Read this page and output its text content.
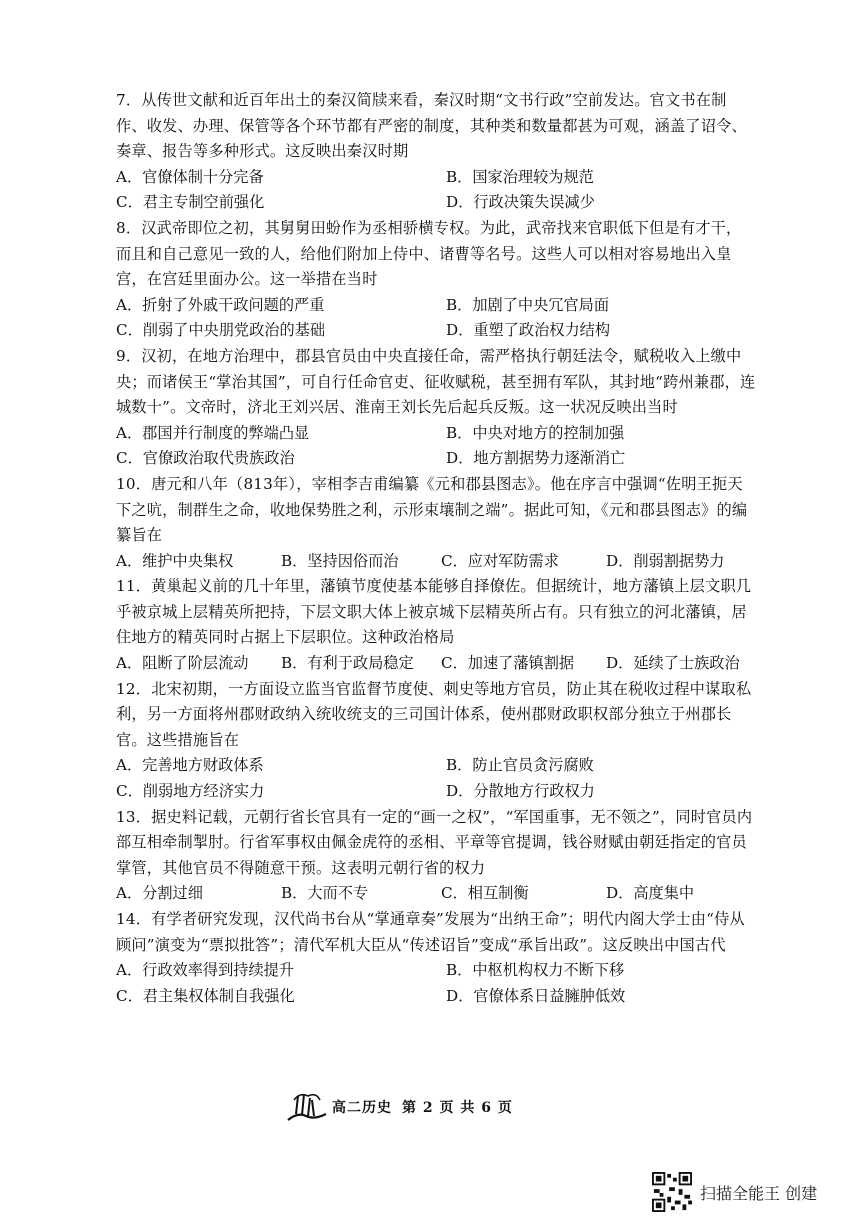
7．从传世文献和近百年出土的秦汉简牍来看，秦汉时期“文书行政”空前发达。官文书在制作、收发、办理、保管等各个环节都有严密的制度，其种类和数量都甚为可观，涵盖了诏令、奏章、报告等多种形式。这反映出秦汉时期

A．官僚体制十分完备	B．国家治理较为规范
C．君主专制空前强化	D．行政决策失误减少

8．汉武帝即位之初，其舅舅田蚡作为丞相骄横专权。为此，武帝找来官职低下但是有才干，而且和自己意见一致的人，给他们附加上侍中、诸曹等名号。这些人可以相对容易地出入皇宫，在宫廷里面办公。这一举措在当时

A．折射了外戚干政问题的严重	B．加剧了中央冗官局面
C．削弱了中央朋党政治的基础	D．重塑了政治权力结构

9．汉初，在地方治理中，郡县官员由中央直接任命，需严格执行朝廷法令，赋税收入上缴中央；而诸侯王“掌治其国”，可自行任命官吏、征收赋税，甚至拥有军队，其封地“跨州兼郡，连城数十”。文帝时，济北王刘兴居、淮南王刘长先后起兵反叛。这一状况反映出当时

A．郡国并行制度的弊端凸显	B．中央对地方的控制加强
C．官僚政治取代贵族政治	D．地方割据势力逐渐消亡

10．唐元和八年（813年），宰相李吉甫编纂《元和郡县图志》。他在序言中强调“佐明王扼天下之吭，制群生之命，收地保势胜之利，示形束壤制之端”。据此可知，《元和郡县图志》的编纂旨在

A．维护中央集权	B．坚持因俗而治	C．应对军防需求	D．削弱割据势力

11．黄巢起义前的几十年里，藩镇节度使基本能够自择僚佐。但据统计，地方藩镇上层文职几乎被京城上层精英所把持，下层文职大体上被京城下层精英所占有。只有独立的河北藩镇，居住地方的精英同时占据上下层职位。这种政治格局

A．阻断了阶层流动	B．有利于政局稳定	C．加速了藩镇割据	D．延续了士族政治

12．北宋初期，一方面设立监当官监督节度使、刺史等地方官员，防止其在税收过程中谋取私利，另一方面将州郡财政纳入统收统支的三司国计体系，使州郡财政职权部分独立于州郡长官。这些措施旨在

A．完善地方财政体系	B．防止官员贪污腐败
C．削弱地方经济实力	D．分散地方行政权力

13．据史料记载，元朝行省长官具有一定的“画一之权”，“军国重事，无不领之”，同时官员内部互相牵制掣肘。行省军事权由佩金虎符的丞相、平章等官提调，钱谷财赋由朝廷指定的官员掌管，其他官员不得随意干预。这表明元朝行省的权力

A．分割过细	B．大而不专	C．相互制衡	D．高度集中

14．有学者研究发现，汉代尚书台从“掌通章奏”发展为“出纳王命”；明代内阁大学士由“侍从顾问”演变为“票拟批答”；清代军机大臣从“传述诏旨”变成“承旨出政”。这反映出中国古代

A．行政效率得到持续提升	B．中枢机构权力不断下移
C．君主集权体制自我强化	D．官僚体系日益臃肿低效
高二历史 第 2 页 共 6 页
扫描全能王 创建
